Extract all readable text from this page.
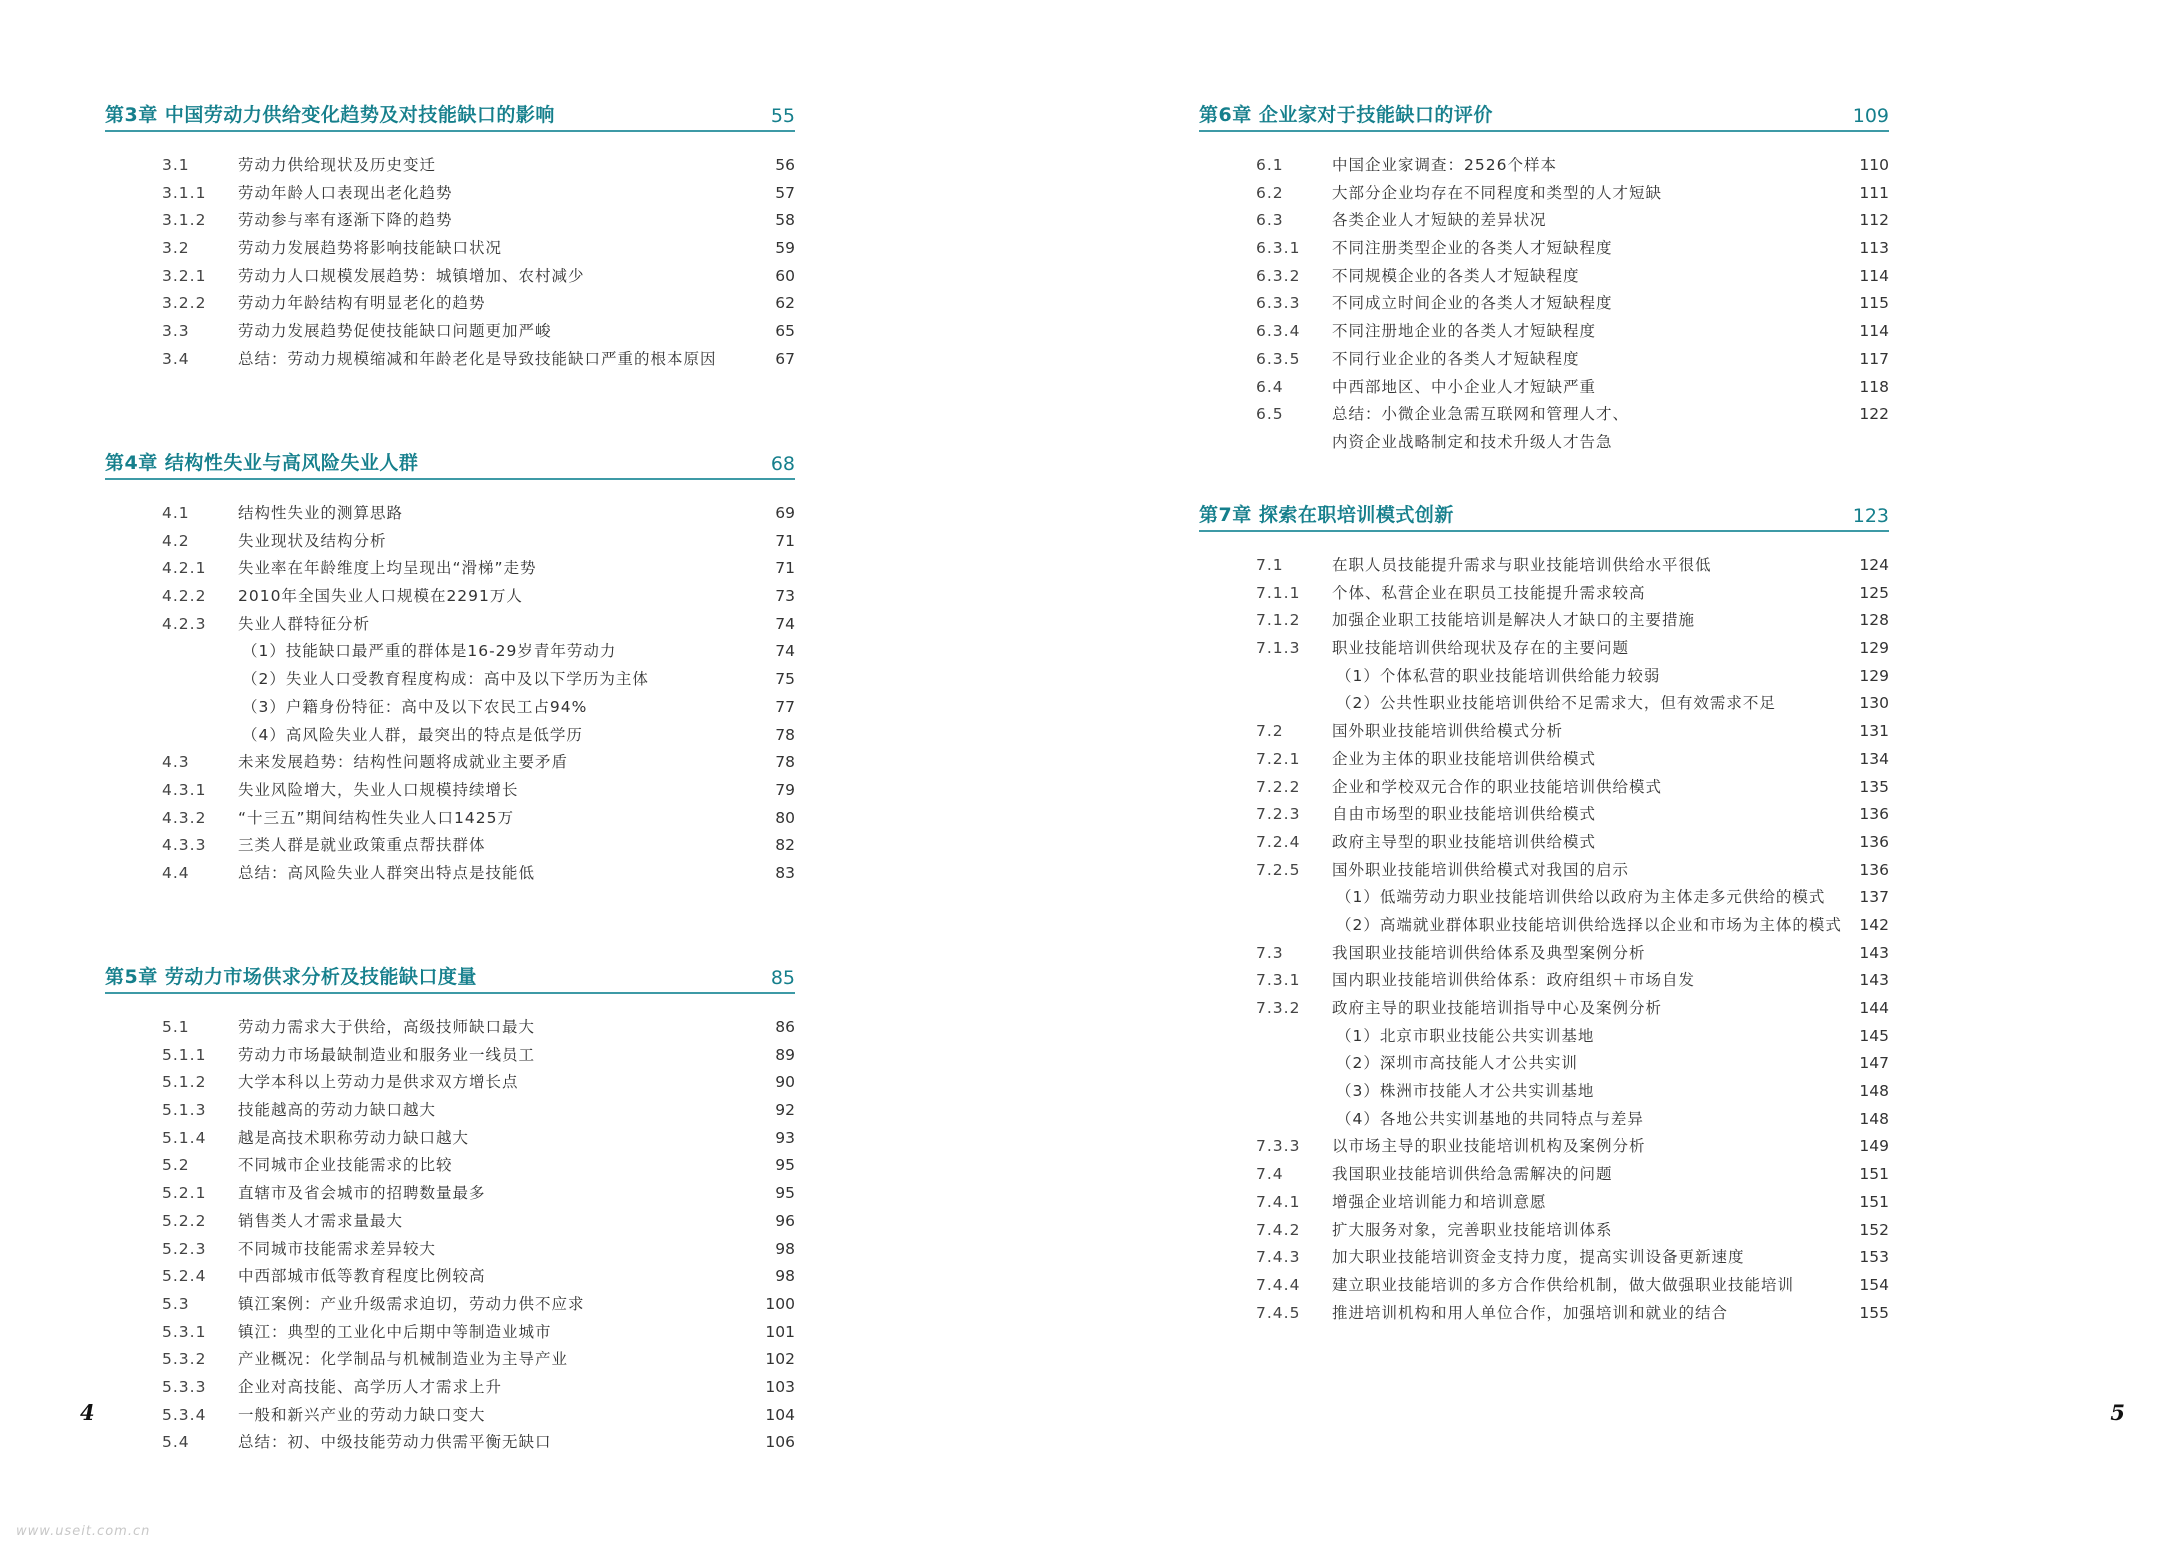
第3章 中国劳动力供给变化趋势及对技能缺口的影响	55
3.1	劳动力供给现状及历史变迁	56
3.1.1 劳动年龄人口表现出老化趋势	57
3.1.2 劳动参与率有逐渐下降的趋势	58
3.2	劳动力发展趋势将影响技能缺口状况	59
3.2.1 劳动力人口规模发展趋势：城镇增加、农村减少	60
3.2.2 劳动力年龄结构有明显老化的趋势	62
3.3	劳动力发展趋势促使技能缺口问题更加严峻	65
3.4	总结：劳动力规模缩减和年龄老化是导致技能缺口严重的根本原因	67
第4章 结构性失业与高风险失业人群	68
4.1	结构性失业的测算思路	69
4.2	失业现状及结构分析	71
4.2.1 失业率在年龄维度上均呈现出“滑梯”走势	71
4.2.2 2010年全国失业人口规模在2291万人	73
4.2.3 失业人群特征分析	74
（1）技能缺口最严重的群体是16-29岁青年劳动力	74
（2）失业人口受教育程度构成：高中及以下学历为主体	75
（3）户籍身份特征：高中及以下农民工占94%	77
（4）高风险失业人群，最突出的特点是低学历	78
4.3	未来发展趋势：结构性问题将成就业主要矛盾	78
4.3.1 失业风险增大，失业人口规模持续增长	79
4.3.2 “十三五”期间结构性失业人口1425万	80
4.3.3 三类人群是就业政策重点帮扶群体	82
4.4	总结：高风险失业人群突出特点是技能低	83
第5章 劳动力市场供求分析及技能缺口度量	85
5.1	劳动力需求大于供给，高级技师缺口最大	86
5.1.1 劳动力市场最缺制造业和服务业一线员工	89
5.1.2 大学本科以上劳动力是供求双方增长点	90
5.1.3 技能越高的劳动力缺口越大	92
5.1.4 越是高技术职称劳动力缺口越大	93
5.2	不同城市企业技能需求的比较	95
5.2.1 直辖市及省会城市的招聘数量最多	95
5.2.2 销售类人才需求量最大	96
5.2.3 不同城市技能需求差异较大	98
5.2.4 中西部城市低等教育程度比例较高	98
5.3	镇江案例：产业升级需求迫切，劳动力供不应求	100
5.3.1 镇江：典型的工业化中后期中等制造业城市	101
5.3.2 产业概况：化学制品与机械制造业为主导产业	102
5.3.3 企业对高技能、高学历人才需求上升	103
5.3.4 一般和新兴产业的劳动力缺口变大	104
5.4	总结：初、中级技能劳动力供需平衡无缺口	106
4
www.useit.com.cn
第6章 企业家对于技能缺口的评价	109
6.1	中国企业家调查：2526个样本	110
6.2	大部分企业均存在不同程度和类型的人才短缺	111
6.3	各类企业人才短缺的差异状况	112
6.3.1 不同注册类型企业的各类人才短缺程度	113
6.3.2 不同规模企业的各类人才短缺程度	114
6.3.3 不同成立时间企业的各类人才短缺程度	115
6.3.4 不同注册地企业的各类人才短缺程度	114
6.3.5 不同行业企业的各类人才短缺程度	117
6.4	中西部地区、中小企业人才短缺严重	118
6.5	总结：小微企业急需互联网和管理人才、	122
内资企业战略制定和技术升级人才告急
第7章 探索在职培训模式创新	123
7.1	在职人员技能提升需求与职业技能培训供给水平很低	124
7.1.1 个体、私营企业在职员工技能提升需求较高	125
7.1.2 加强企业职工技能培训是解决人才缺口的主要措施	128
7.1.3 职业技能培训供给现状及存在的主要问题	129
（1）个体私营的职业技能培训供给能力较弱	129
（2）公共性职业技能培训供给不足需求大，但有效需求不足	130
7.2	国外职业技能培训供给模式分析	131
7.2.1 企业为主体的职业技能培训供给模式	134
7.2.2 企业和学校双元合作的职业技能培训供给模式	135
7.2.3 自由市场型的职业技能培训供给模式	136
7.2.4 政府主导型的职业技能培训供给模式	136
7.2.5 国外职业技能培训供给模式对我国的启示	136
（1）低端劳动力职业技能培训供给以政府为主体走多元供给的模式 137
（2）高端就业群体职业技能培训供给选择以企业和市场为主体的模式 142
7.3	我国职业技能培训供给体系及典型案例分析	143
7.3.1 国内职业技能培训供给体系：政府组织＋市场自发	143
7.3.2 政府主导的职业技能培训指导中心及案例分析	144
（1）北京市职业技能公共实训基地	145
（2）深圳市高技能人才公共实训	147
（3）株洲市技能人才公共实训基地	148
（4）各地公共实训基地的共同特点与差异	148
7.3.3 以市场主导的职业技能培训机构及案例分析	149
7.4	我国职业技能培训供给急需解决的问题	151
7.4.1 增强企业培训能力和培训意愿	151
7.4.2 扩大服务对象，完善职业技能培训体系	152
7.4.3 加大职业技能培训资金支持力度，提高实训设备更新速度	153
7.4.4 建立职业技能培训的多方合作供给机制，做大做强职业技能培训	154
7.4.5 推进培训机构和用人单位合作，加强培训和就业的结合	155
5
